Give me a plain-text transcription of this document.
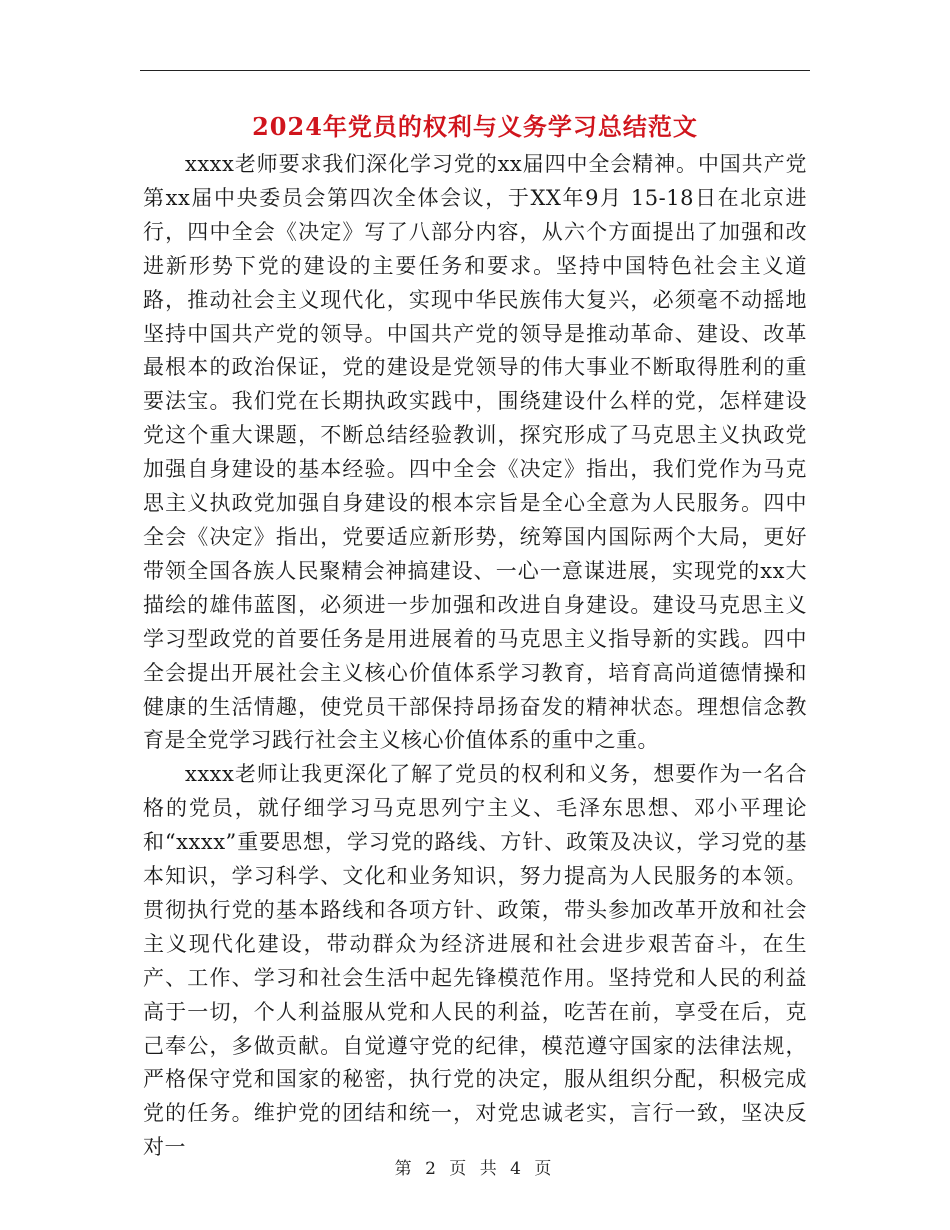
2024年党员的权利与义务学习总结范文

xxxx老师要求我们深化学习党的xx届四中全会精神。中国共产党第xx届中央委员会第四次全体会议，于XX年9月 15-18日在北京进行，四中全会《决定》写了八部分内容，从六个方面提出了加强和改进新形势下党的建设的主要任务和要求。坚持中国特色社会主义道路，推动社会主义现代化，实现中华民族伟大复兴，必须毫不动摇地坚持中国共产党的领导。中国共产党的领导是推动革命、建设、改革最根本的政治保证，党的建设是党领导的伟大事业不断取得胜利的重要法宝。我们党在长期执政实践中，围绕建设什么样的党，怎样建设党这个重大课题，不断总结经验教训，探究形成了马克思主义执政党加强自身建设的基本经验。四中全会《决定》指出，我们党作为马克思主义执政党加强自身建设的根本宗旨是全心全意为人民服务。四中全会《决定》指出，党要适应新形势，统筹国内国际两个大局，更好带领全国各族人民聚精会神搞建设、一心一意谋进展，实现党的xx大描绘的雄伟蓝图，必须进一步加强和改进自身建设。建设马克思主义学习型政党的首要任务是用进展着的马克思主义指导新的实践。四中全会提出开展社会主义核心价值体系学习教育，培育高尚道德情操和健康的生活情趣，使党员干部保持昂扬奋发的精神状态。理想信念教育是全党学习践行社会主义核心价值体系的重中之重。

xxxx老师让我更深化了解了党员的权利和义务，想要作为一名合格的党员，就仔细学习马克思列宁主义、毛泽东思想、邓小平理论和“xxxx”重要思想，学习党的路线、方针、政策及决议，学习党的基本知识，学习科学、文化和业务知识，努力提高为人民服务的本领。贯彻执行党的基本路线和各项方针、政策，带头参加改革开放和社会主义现代化建设，带动群众为经济进展和社会进步艰苦奋斗，在生产、工作、学习和社会生活中起先锋模范作用。坚持党和人民的利益高于一切，个人利益服从党和人民的利益，吃苦在前，享受在后，克己奉公，多做贡献。自觉遵守党的纪律，模范遵守国家的法律法规，严格保守党和国家的秘密，执行党的决定，服从组织分配，积极完成党的任务。维护党的团结和统一，对党忠诚老实，言行一致，坚决反对一

第 2 页 共 4 页
